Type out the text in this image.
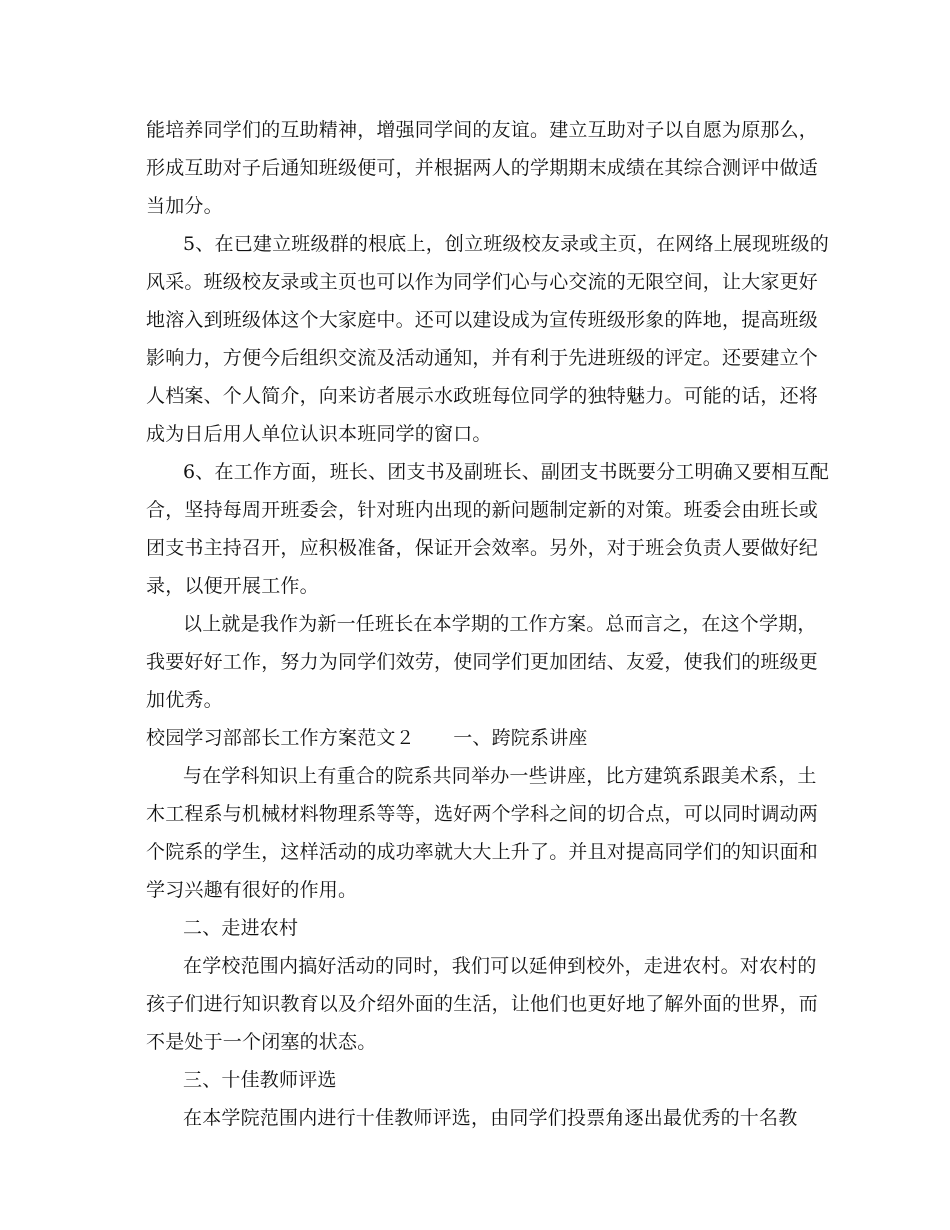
能培养同学们的互助精神，增强同学间的友谊。建立互助对子以自愿为原那么，
形成互助对子后通知班级便可，并根据两人的学期期末成绩在其综合测评中做适
当加分。
5、在已建立班级群的根底上，创立班级校友录或主页，在网络上展现班级的
风采。班级校友录或主页也可以作为同学们心与心交流的无限空间，让大家更好
地溶入到班级体这个大家庭中。还可以建设成为宣传班级形象的阵地，提高班级
影响力，方便今后组织交流及活动通知，并有利于先进班级的评定。还要建立个
人档案、个人简介，向来访者展示水政班每位同学的独特魅力。可能的话，还将
成为日后用人单位认识本班同学的窗口。
6、在工作方面，班长、团支书及副班长、副团支书既要分工明确又要相互配
合，坚持每周开班委会，针对班内出现的新问题制定新的对策。班委会由班长或
团支书主持召开，应积极准备，保证开会效率。另外，对于班会负责人要做好纪
录，以便开展工作。
以上就是我作为新一任班长在本学期的工作方案。总而言之，在这个学期，
我要好好工作，努力为同学们效劳，使同学们更加团结、友爱，使我们的班级更
加优秀。
校园学习部部长工作方案范文２　　一、跨院系讲座
与在学科知识上有重合的院系共同举办一些讲座，比方建筑系跟美术系，土
木工程系与机械材料物理系等等，选好两个学科之间的切合点，可以同时调动两
个院系的学生，这样活动的成功率就大大上升了。并且对提高同学们的知识面和
学习兴趣有很好的作用。
二、走进农村
在学校范围内搞好活动的同时，我们可以延伸到校外，走进农村。对农村的
孩子们进行知识教育以及介绍外面的生活，让他们也更好地了解外面的世界，而
不是处于一个闭塞的状态。
三、十佳教师评选
在本学院范围内进行十佳教师评选，由同学们投票角逐出最优秀的十名教
